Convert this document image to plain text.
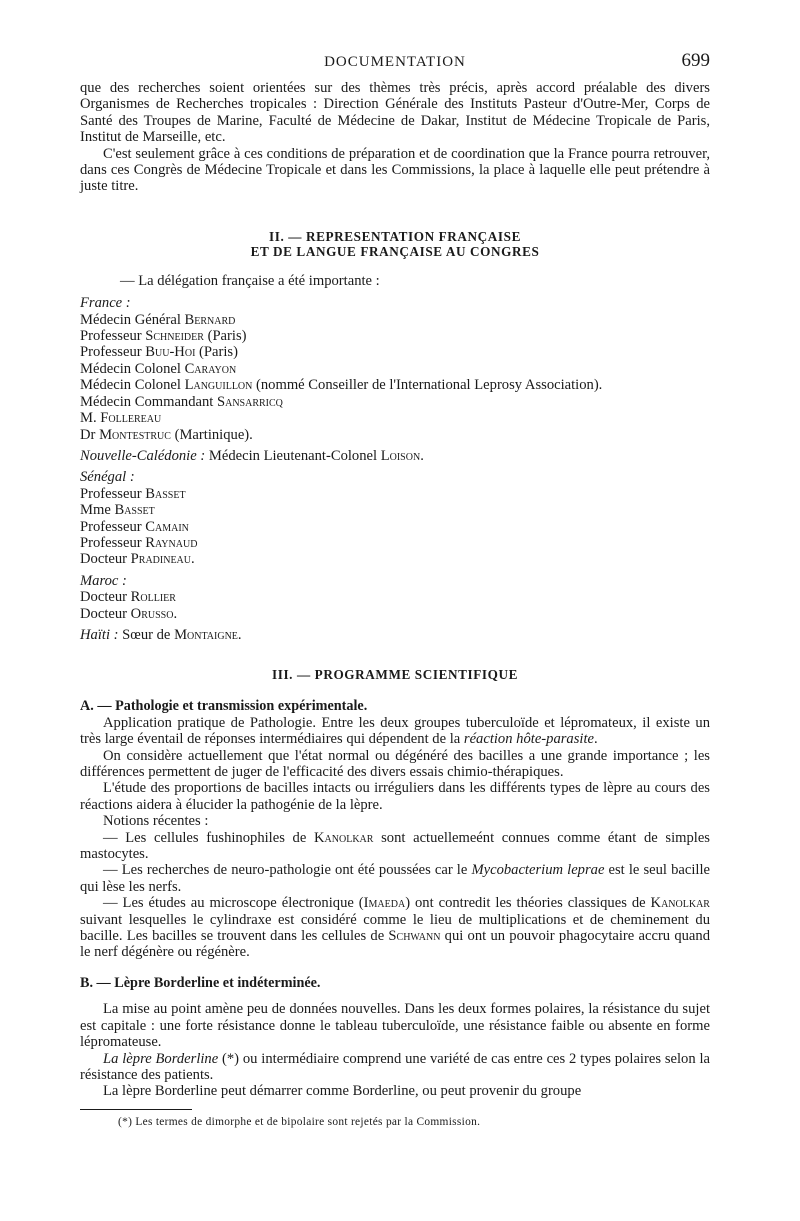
DOCUMENTATION	699

que des recherches soient orientées sur des thèmes très précis, après accord préalable des divers Organismes de Recherches tropicales : Direction Générale des Instituts Pasteur d'Outre-Mer, Corps de Santé des Troupes de Marine, Faculté de Médecine de Dakar, Institut de Médecine Tropicale de Paris, Institut de Marseille, etc.

C'est seulement grâce à ces conditions de préparation et de coordination que la France pourra retrouver, dans ces Congrès de Médecine Tropicale et dans les Commissions, la place à laquelle elle peut prétendre à juste titre.

II. — REPRESENTATION FRANÇAISE
ET DE LANGUE FRANÇAISE AU CONGRES

— La délégation française a été importante :

France :

Médecin Général Bernard

Professeur Schneider (Paris)

Professeur Buu-Hoi (Paris)

Médecin Colonel Carayon

Médecin Colonel Languillon (nommé Conseiller de l'International Leprosy Association).

Médecin Commandant Sansarricq

M. Follereau

Dr Montestruc (Martinique).

Nouvelle-Calédonie : Médecin Lieutenant-Colonel Loison.

Sénégal :

Professeur Basset

Mme Basset

Professeur Camain

Professeur Raynaud

Docteur Pradineau.

Maroc :

Docteur Rollier

Docteur Orusso.

Haïti : Sœur de Montaigne.

III. — PROGRAMME SCIENTIFIQUE

A. — Pathologie et transmission expérimentale.

Application pratique de Pathologie. Entre les deux groupes tuberculoïde et lépromateux, il existe un très large éventail de réponses intermédiaires qui dépendent de la réaction hôte-parasite.

On considère actuellement que l'état normal ou dégénéré des bacilles a une grande importance ; les différences permettent de juger de l'efficacité des divers essais chimio-thérapiques.

L'étude des proportions de bacilles intacts ou irréguliers dans les différents types de lèpre au cours des réactions aidera à élucider la pathogénie de la lèpre.

Notions récentes :

— Les cellules fushinophiles de Kanolkar sont actuellemeént connues comme étant de simples mastocytes.

— Les recherches de neuro-pathologie ont été poussées car le Mycobacterium leprae est le seul bacille qui lèse les nerfs.

— Les études au microscope électronique (Imaeda) ont contredit les théories classiques de Kanolkar suivant lesquelles le cylindraxe est considéré comme le lieu de multiplications et de cheminement du bacille. Les bacilles se trouvent dans les cellules de Schwann qui ont un pouvoir phagocytaire accru quand le nerf dégénère ou régénère.

B. — Lèpre Borderline et indéterminée.

La mise au point amène peu de données nouvelles. Dans les deux formes polaires, la résistance du sujet est capitale : une forte résistance donne le tableau tuberculoïde, une résistance faible ou absente en forme lépromateuse.

La lèpre Borderline (*) ou intermédiaire comprend une variété de cas entre ces 2 types polaires selon la résistance des patients.

La lèpre Borderline peut démarrer comme Borderline, ou peut provenir du groupe

(*) Les termes de dimorphe et de bipolaire sont rejetés par la Commission.
